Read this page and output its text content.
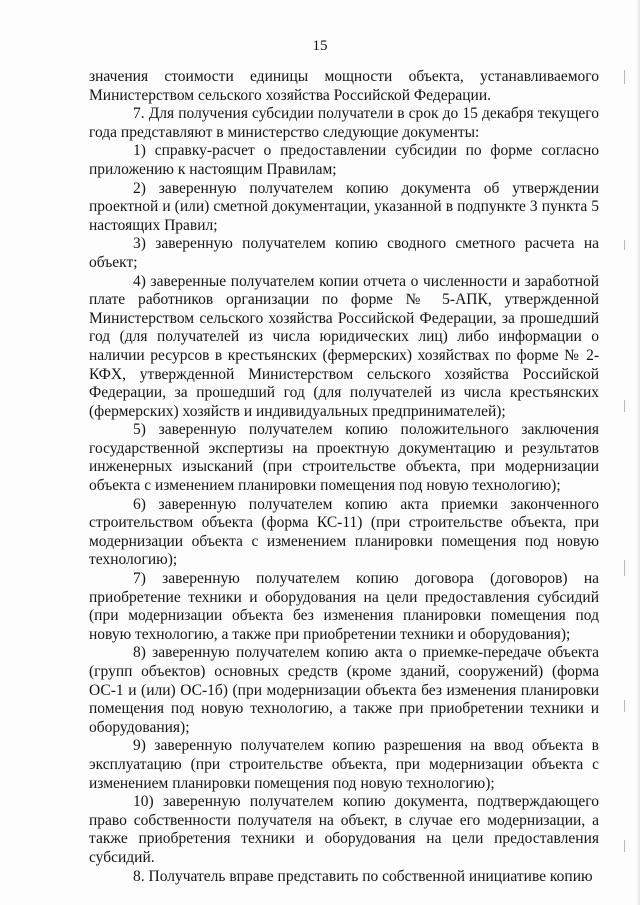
15

значения стоимости единицы мощности объекта, устанавливаемого Министерством сельского хозяйства Российской Федерации.

7. Для получения субсидии получатели в срок до 15 декабря текущего года представляют в министерство следующие документы:

1) справку-расчет о предоставлении субсидии по форме согласно приложению к настоящим Правилам;

2) заверенную получателем копию документа об утверждении проектной и (или) сметной документации, указанной в подпункте 3 пункта 5 настоящих Правил;

3) заверенную получателем копию сводного сметного расчета на объект;

4) заверенные получателем копии отчета о численности и заработной плате работников организации по форме № 5-АПК, утвержденной Министерством сельского хозяйства Российской Федерации, за прошедший год (для получателей из числа юридических лиц) либо информации о наличии ресурсов в крестьянских (фермерских) хозяйствах по форме № 2-КФХ, утвержденной Министерством сельского хозяйства Российской Федерации, за прошедший год (для получателей из числа крестьянских (фермерских) хозяйств и индивидуальных предпринимателей);

5) заверенную получателем копию положительного заключения государственной экспертизы на проектную документацию и результатов инженерных изысканий (при строительстве объекта, при модернизации объекта с изменением планировки помещения под новую технологию);

6) заверенную получателем копию акта приемки законченного строительством объекта (форма КС-11) (при строительстве объекта, при модернизации объекта с изменением планировки помещения под новую технологию);

7) заверенную получателем копию договора (договоров) на приобретение техники и оборудования на цели предоставления субсидий (при модернизации объекта без изменения планировки помещения под новую технологию, а также при приобретении техники и оборудования);

8) заверенную получателем копию акта о приемке-передаче объекта (групп объектов) основных средств (кроме зданий, сооружений) (форма ОС-1 и (или) ОС-1б) (при модернизации объекта без изменения планировки помещения под новую технологию, а также при приобретении техники и оборудования);

9) заверенную получателем копию разрешения на ввод объекта в эксплуатацию (при строительстве объекта, при модернизации объекта с изменением планировки помещения под новую технологию);

10) заверенную получателем копию документа, подтверждающего право собственности получателя на объект, в случае его модернизации, а также приобретения техники и оборудования на цели предоставления субсидий.

8. Получатель вправе представить по собственной инициативе копию
